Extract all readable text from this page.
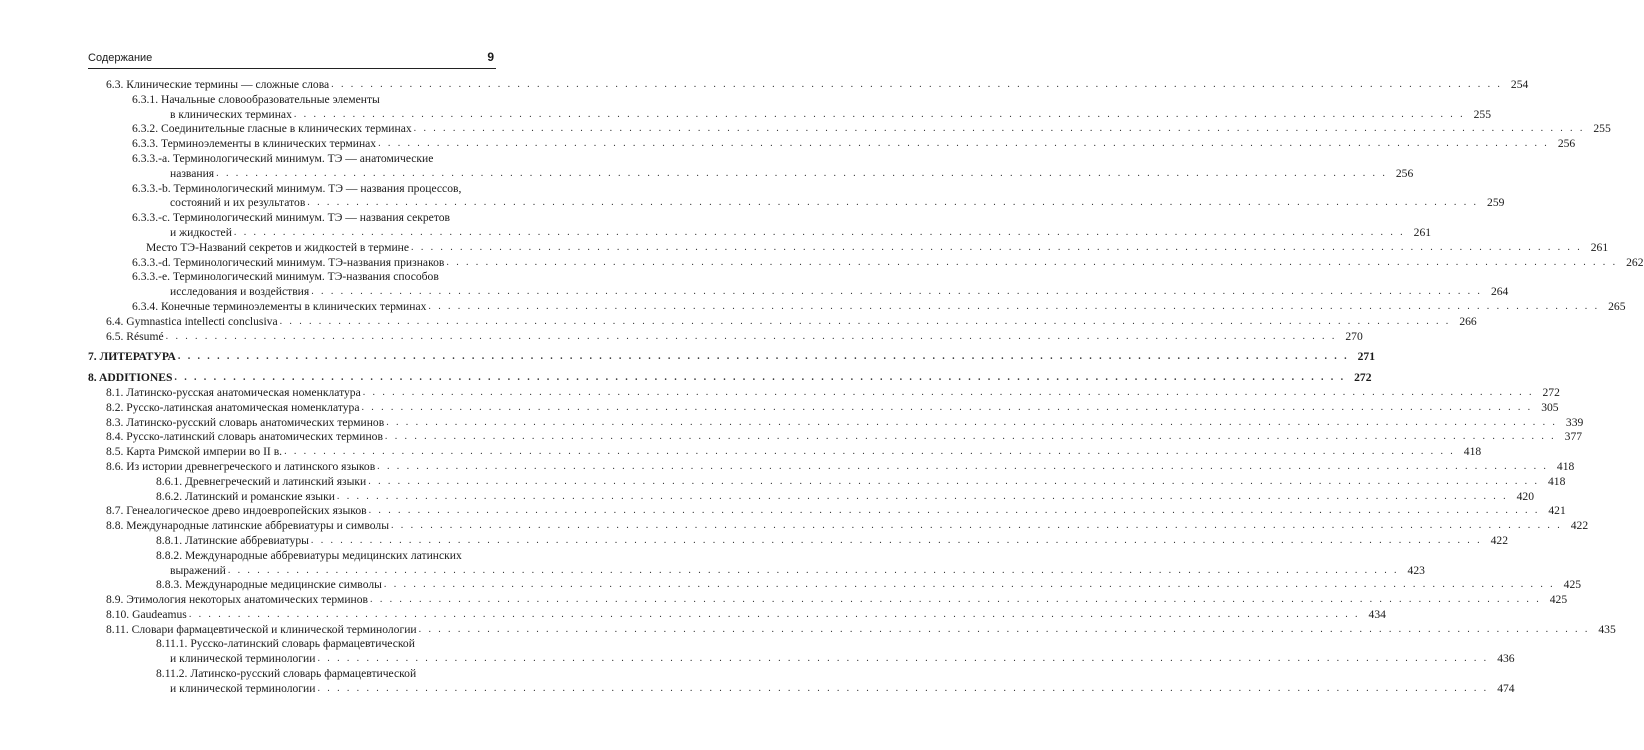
Содержание	9
6.3. Клинические термины — сложные слова . . . . . . . . . . . . . . . . . . . . . . . . . . . . . . . . . . . . . . . . . . . . . . . . . . . . . . . . . . . . . . . . . . . . . . . . . . . . . . . . . . . . . . . . . . . . . . . . . . . . . . . . . . . . . . . . . . . . . . . . 254
6.3.1. Начальные словообразовательные элементы
в клинических терминах . . . . . . . . . . . . . . . . . . . . . . . . . . . . . . . . . . . . . . . . . . . . . . . . . . . . . . . . . . . . . . . . . . . . . . . . . . . . . . . . . . . . . . . . . . . . . . . . . . . . . . . . . . . . . . . . . . . . . . . . 255
6.3.2. Соединительные гласные в клинических терминах . . . . . . . . . . . . . . . . . . . . . . . . . . . . . . . . . . . . . . . . . . . . . . . . . . . . . . . . . . . . . . . . . . . . . . . . . . . . . . . . . . . . . . . . . . . . . . . . . . . . . . . . . . . . . . . . . . . . . . . . 255
6.3.3. Терминоэлементы в клинических терминах . . . . . . . . . . . . . . . . . . . . . . . . . . . . . . . . . . . . . . . . . . . . . . . . . . . . . . . . . . . . . . . . . . . . . . . . . . . . . . . . . . . . . . . . . . . . . . . . . . . . . . . . . . . . . . . . . . . . . . . . 256
6.3.3.-a. Терминологический минимум. ТЭ — анатомические
названия . . . . . . . . . . . . . . . . . . . . . . . . . . . . . . . . . . . . . . . . . . . . . . . . . . . . . . . . . . . . . . . . . . . . . . . . . . . . . . . . . . . . . . . . . . . . . . . . . . . . . . . . . . . . . . . . . . . . . . . . 256
6.3.3.-b. Терминологический минимум. ТЭ — названия процессов,
состояний и их результатов . . . . . . . . . . . . . . . . . . . . . . . . . . . . . . . . . . . . . . . . . . . . . . . . . . . . . . . . . . . . . . . . . . . . . . . . . . . . . . . . . . . . . . . . . . . . . . . . . . . . . . . . . . . . . . . . . . . . . . . . 259
6.3.3.-c. Терминологический минимум. ТЭ — названия секретов
и жидкостей . . . . . . . . . . . . . . . . . . . . . . . . . . . . . . . . . . . . . . . . . . . . . . . . . . . . . . . . . . . . . . . . . . . . . . . . . . . . . . . . . . . . . . . . . . . . . . . . . . . . . . . . . . . . . . . . . . . . . . . . 261
Место ТЭ-Названий секретов и жидкостей в термине . . . . . . . . . . . . . . . . . . . . . . . . . . . . . . . . . . . . . . . . . . . . . . . . . . . . . . . . . . . . . . . . . . . . . . . . . . . . . . . . . . . . . . . . . . . . . . . . . . . . . . . . . . . . . . . . . . . . . . . . 261
6.3.3.-d. Терминологический минимум. ТЭ-названия признаков . . . . . . . . . . . . . . . . . . . . . . . . . . . . . . . . . . . . . . . . . . . . . . . . . . . . . . . . . . . . . . . . . . . . . . . . . . . . . . . . . . . . . . . . . . . . . . . . . . . . . . . . . . . . . . . . . . . . . . . . 262
6.3.3.-e. Терминологический минимум. ТЭ-названия способов
исследования и воздействия . . . . . . . . . . . . . . . . . . . . . . . . . . . . . . . . . . . . . . . . . . . . . . . . . . . . . . . . . . . . . . . . . . . . . . . . . . . . . . . . . . . . . . . . . . . . . . . . . . . . . . . . . . . . . . . . . . . . . . . . 264
6.3.4. Конечные терминоэлементы в клинических терминах . . . . . . . . . . . . . . . . . . . . . . . . . . . . . . . . . . . . . . . . . . . . . . . . . . . . . . . . . . . . . . . . . . . . . . . . . . . . . . . . . . . . . . . . . . . . . . . . . . . . . . . . . . . . . . . . . . . . . . . . 265
6.4. Gymnastica intellecti conclusiva . . . . . . . . . . . . . . . . . . . . . . . . . . . . . . . . . . . . . . . . . . . . . . . . . . . . . . . . . . . . . . . . . . . . . . . . . . . . . . . . . . . . . . . . . . . . . . . . . . . . . . . . . . . . . . . . . . . . . . . . 266
6.5. Résumé . . . . . . . . . . . . . . . . . . . . . . . . . . . . . . . . . . . . . . . . . . . . . . . . . . . . . . . . . . . . . . . . . . . . . . . . . . . . . . . . . . . . . . . . . . . . . . . . . . . . . . . . . . . . . . . . . . . . . . . . 270
7. ЛИТЕРАТУРА . . . . . . . . . . . . . . . . . . . . . . . . . . . . . . . . . . . . . . . . . . . . . . . . . . . . . . . . . . . . . . . . . . . . . . . . . . . . . . . . . . . . . . . . . . . . . . . . . . . . . . . . . . . . . . . . . . . . . . . . 271
8. ADDITIONES . . . . . . . . . . . . . . . . . . . . . . . . . . . . . . . . . . . . . . . . . . . . . . . . . . . . . . . . . . . . . . . . . . . . . . . . . . . . . . . . . . . . . . . . . . . . . . . . . . . . . . . . . . . . . . . . . . . . . . . . 272
8.1. Латинско-русская анатомическая номенклатура . . . . . . . . . . . . . . . . . . . . . . . . . . . . . . . . . . . . . . . . . . . . . . . . . . . . . . . . . . . . . . . . . . . . . . . . . . . . . . . . . . . . . . . . . . . . . . . . . . . . . . . . . . . . . . . . . . . . . . . . 272
8.2. Русско-латинская анатомическая номенклатура . . . . . . . . . . . . . . . . . . . . . . . . . . . . . . . . . . . . . . . . . . . . . . . . . . . . . . . . . . . . . . . . . . . . . . . . . . . . . . . . . . . . . . . . . . . . . . . . . . . . . . . . . . . . . . . . . . . . . . . . 305
8.3. Латинско-русский словарь анатомических терминов . . . . . . . . . . . . . . . . . . . . . . . . . . . . . . . . . . . . . . . . . . . . . . . . . . . . . . . . . . . . . . . . . . . . . . . . . . . . . . . . . . . . . . . . . . . . . . . . . . . . . . . . . . . . . . . . . . . . . . . . 339
8.4. Русско-латинский словарь анатомических терминов . . . . . . . . . . . . . . . . . . . . . . . . . . . . . . . . . . . . . . . . . . . . . . . . . . . . . . . . . . . . . . . . . . . . . . . . . . . . . . . . . . . . . . . . . . . . . . . . . . . . . . . . . . . . . . . . . . . . . . . . 377
8.5. Карта Римской империи во II в. . . . . . . . . . . . . . . . . . . . . . . . . . . . . . . . . . . . . . . . . . . . . . . . . . . . . . . . . . . . . . . . . . . . . . . . . . . . . . . . . . . . . . . . . . . . . . . . . . . . . . . . . . . . . . . . . . . . . . . . . 418
8.6. Из истории древнегреческого и латинского языков . . . . . . . . . . . . . . . . . . . . . . . . . . . . . . . . . . . . . . . . . . . . . . . . . . . . . . . . . . . . . . . . . . . . . . . . . . . . . . . . . . . . . . . . . . . . . . . . . . . . . . . . . . . . . . . . . . . . . . . . 418
8.6.1. Древнегреческий и латинский языки . . . . . . . . . . . . . . . . . . . . . . . . . . . . . . . . . . . . . . . . . . . . . . . . . . . . . . . . . . . . . . . . . . . . . . . . . . . . . . . . . . . . . . . . . . . . . . . . . . . . . . . . . . . . . . . . . . . . . . . . 418
8.6.2. Латинский и романские языки . . . . . . . . . . . . . . . . . . . . . . . . . . . . . . . . . . . . . . . . . . . . . . . . . . . . . . . . . . . . . . . . . . . . . . . . . . . . . . . . . . . . . . . . . . . . . . . . . . . . . . . . . . . . . . . . . . . . . . . . 420
8.7. Генеалогическое древо индоевропейских языков . . . . . . . . . . . . . . . . . . . . . . . . . . . . . . . . . . . . . . . . . . . . . . . . . . . . . . . . . . . . . . . . . . . . . . . . . . . . . . . . . . . . . . . . . . . . . . . . . . . . . . . . . . . . . . . . . . . . . . . . 421
8.8. Международные латинские аббревиатуры и символы . . . . . . . . . . . . . . . . . . . . . . . . . . . . . . . . . . . . . . . . . . . . . . . . . . . . . . . . . . . . . . . . . . . . . . . . . . . . . . . . . . . . . . . . . . . . . . . . . . . . . . . . . . . . . . . . . . . . . . . . 422
8.8.1. Латинские аббревиатуры . . . . . . . . . . . . . . . . . . . . . . . . . . . . . . . . . . . . . . . . . . . . . . . . . . . . . . . . . . . . . . . . . . . . . . . . . . . . . . . . . . . . . . . . . . . . . . . . . . . . . . . . . . . . . . . . . . . . . . . . 422
8.8.2. Международные аббревиатуры медицинских латинских
выражений . . . . . . . . . . . . . . . . . . . . . . . . . . . . . . . . . . . . . . . . . . . . . . . . . . . . . . . . . . . . . . . . . . . . . . . . . . . . . . . . . . . . . . . . . . . . . . . . . . . . . . . . . . . . . . . . . . . . . . . . 423
8.8.3. Международные медицинские символы . . . . . . . . . . . . . . . . . . . . . . . . . . . . . . . . . . . . . . . . . . . . . . . . . . . . . . . . . . . . . . . . . . . . . . . . . . . . . . . . . . . . . . . . . . . . . . . . . . . . . . . . . . . . . . . . . . . . . . . . 425
8.9. Этимология некоторых анатомических терминов . . . . . . . . . . . . . . . . . . . . . . . . . . . . . . . . . . . . . . . . . . . . . . . . . . . . . . . . . . . . . . . . . . . . . . . . . . . . . . . . . . . . . . . . . . . . . . . . . . . . . . . . . . . . . . . . . . . . . . . . 425
8.10. Gaudeamus . . . . . . . . . . . . . . . . . . . . . . . . . . . . . . . . . . . . . . . . . . . . . . . . . . . . . . . . . . . . . . . . . . . . . . . . . . . . . . . . . . . . . . . . . . . . . . . . . . . . . . . . . . . . . . . . . . . . . . . . 434
8.11. Словари фармацевтической и клинической терминологии . . . . . . . . . . . . . . . . . . . . . . . . . . . . . . . . . . . . . . . . . . . . . . . . . . . . . . . . . . . . . . . . . . . . . . . . . . . . . . . . . . . . . . . . . . . . . . . . . . . . . . . . . . . . . . . . . . . . . . . . 435
8.11.1. Русско-латинский словарь фармацевтической
и клинической терминологии . . . . . . . . . . . . . . . . . . . . . . . . . . . . . . . . . . . . . . . . . . . . . . . . . . . . . . . . . . . . . . . . . . . . . . . . . . . . . . . . . . . . . . . . . . . . . . . . . . . . . . . . . . . . . . . . . . . . . . . . 436
8.11.2. Латинско-русский словарь фармацевтической
и клинической терминологии . . . . . . . . . . . . . . . . . . . . . . . . . . . . . . . . . . . . . . . . . . . . . . . . . . . . . . . . . . . . . . . . . . . . . . . . . . . . . . . . . . . . . . . . . . . . . . . . . . . . . . . . . . . . . . . . . . . . . . . . 474
